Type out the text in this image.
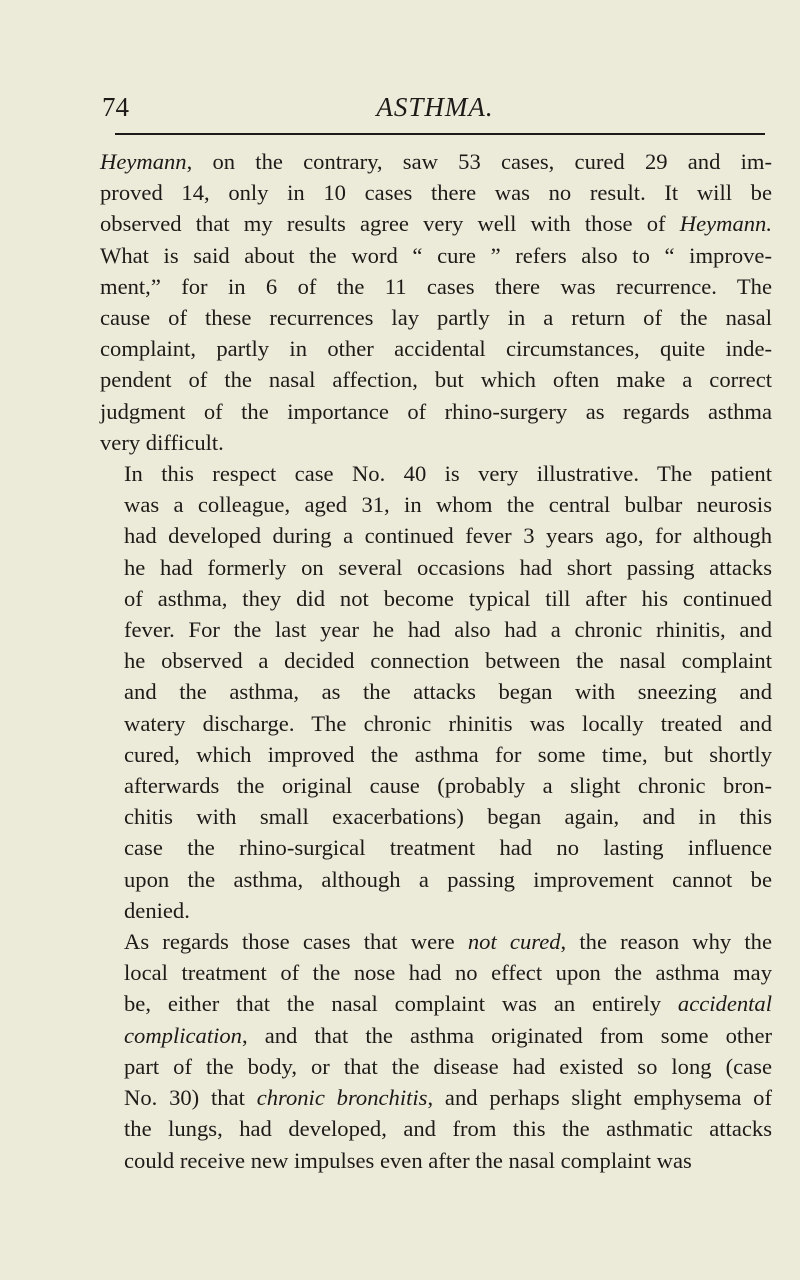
74	ASTHMA.

Heymann, on the contrary, saw 53 cases, cured 29 and im-
proved 14, only in 10 cases there was no result. It will be
observed that my results agree very well with those of Heymann.
What is said about the word “ cure ” refers also to “ improve-
ment,” for in 6 of the 11 cases there was recurrence. The
cause of these recurrences lay partly in a return of the nasal
complaint, partly in other accidental circumstances, quite inde-
pendent of the nasal affection, but which often make a correct
judgment of the importance of rhino-surgery as regards asthma
very difficult.

In this respect case No. 40 is very illustrative. The patient
was a colleague, aged 31, in whom the central bulbar neurosis
had developed during a continued fever 3 years ago, for although
he had formerly on several occasions had short passing attacks
of asthma, they did not become typical till after his continued
fever. For the last year he had also had a chronic rhinitis, and
he observed a decided connection between the nasal complaint
and the asthma, as the attacks began with sneezing and
watery discharge. The chronic rhinitis was locally treated and
cured, which improved the asthma for some time, but shortly
afterwards the original cause (probably a slight chronic bron-
chitis with small exacerbations) began again, and in this
case the rhino-surgical treatment had no lasting influence
upon the asthma, although a passing improvement cannot be
denied.

As regards those cases that were not cured, the reason why the
local treatment of the nose had no effect upon the asthma may
be, either that the nasal complaint was an entirely accidental
complication, and that the asthma originated from some other
part of the body, or that the disease had existed so long (case
No. 30) that chronic bronchitis, and perhaps slight emphysema of
the lungs, had developed, and from this the asthmatic attacks
could receive new impulses even after the nasal complaint was
